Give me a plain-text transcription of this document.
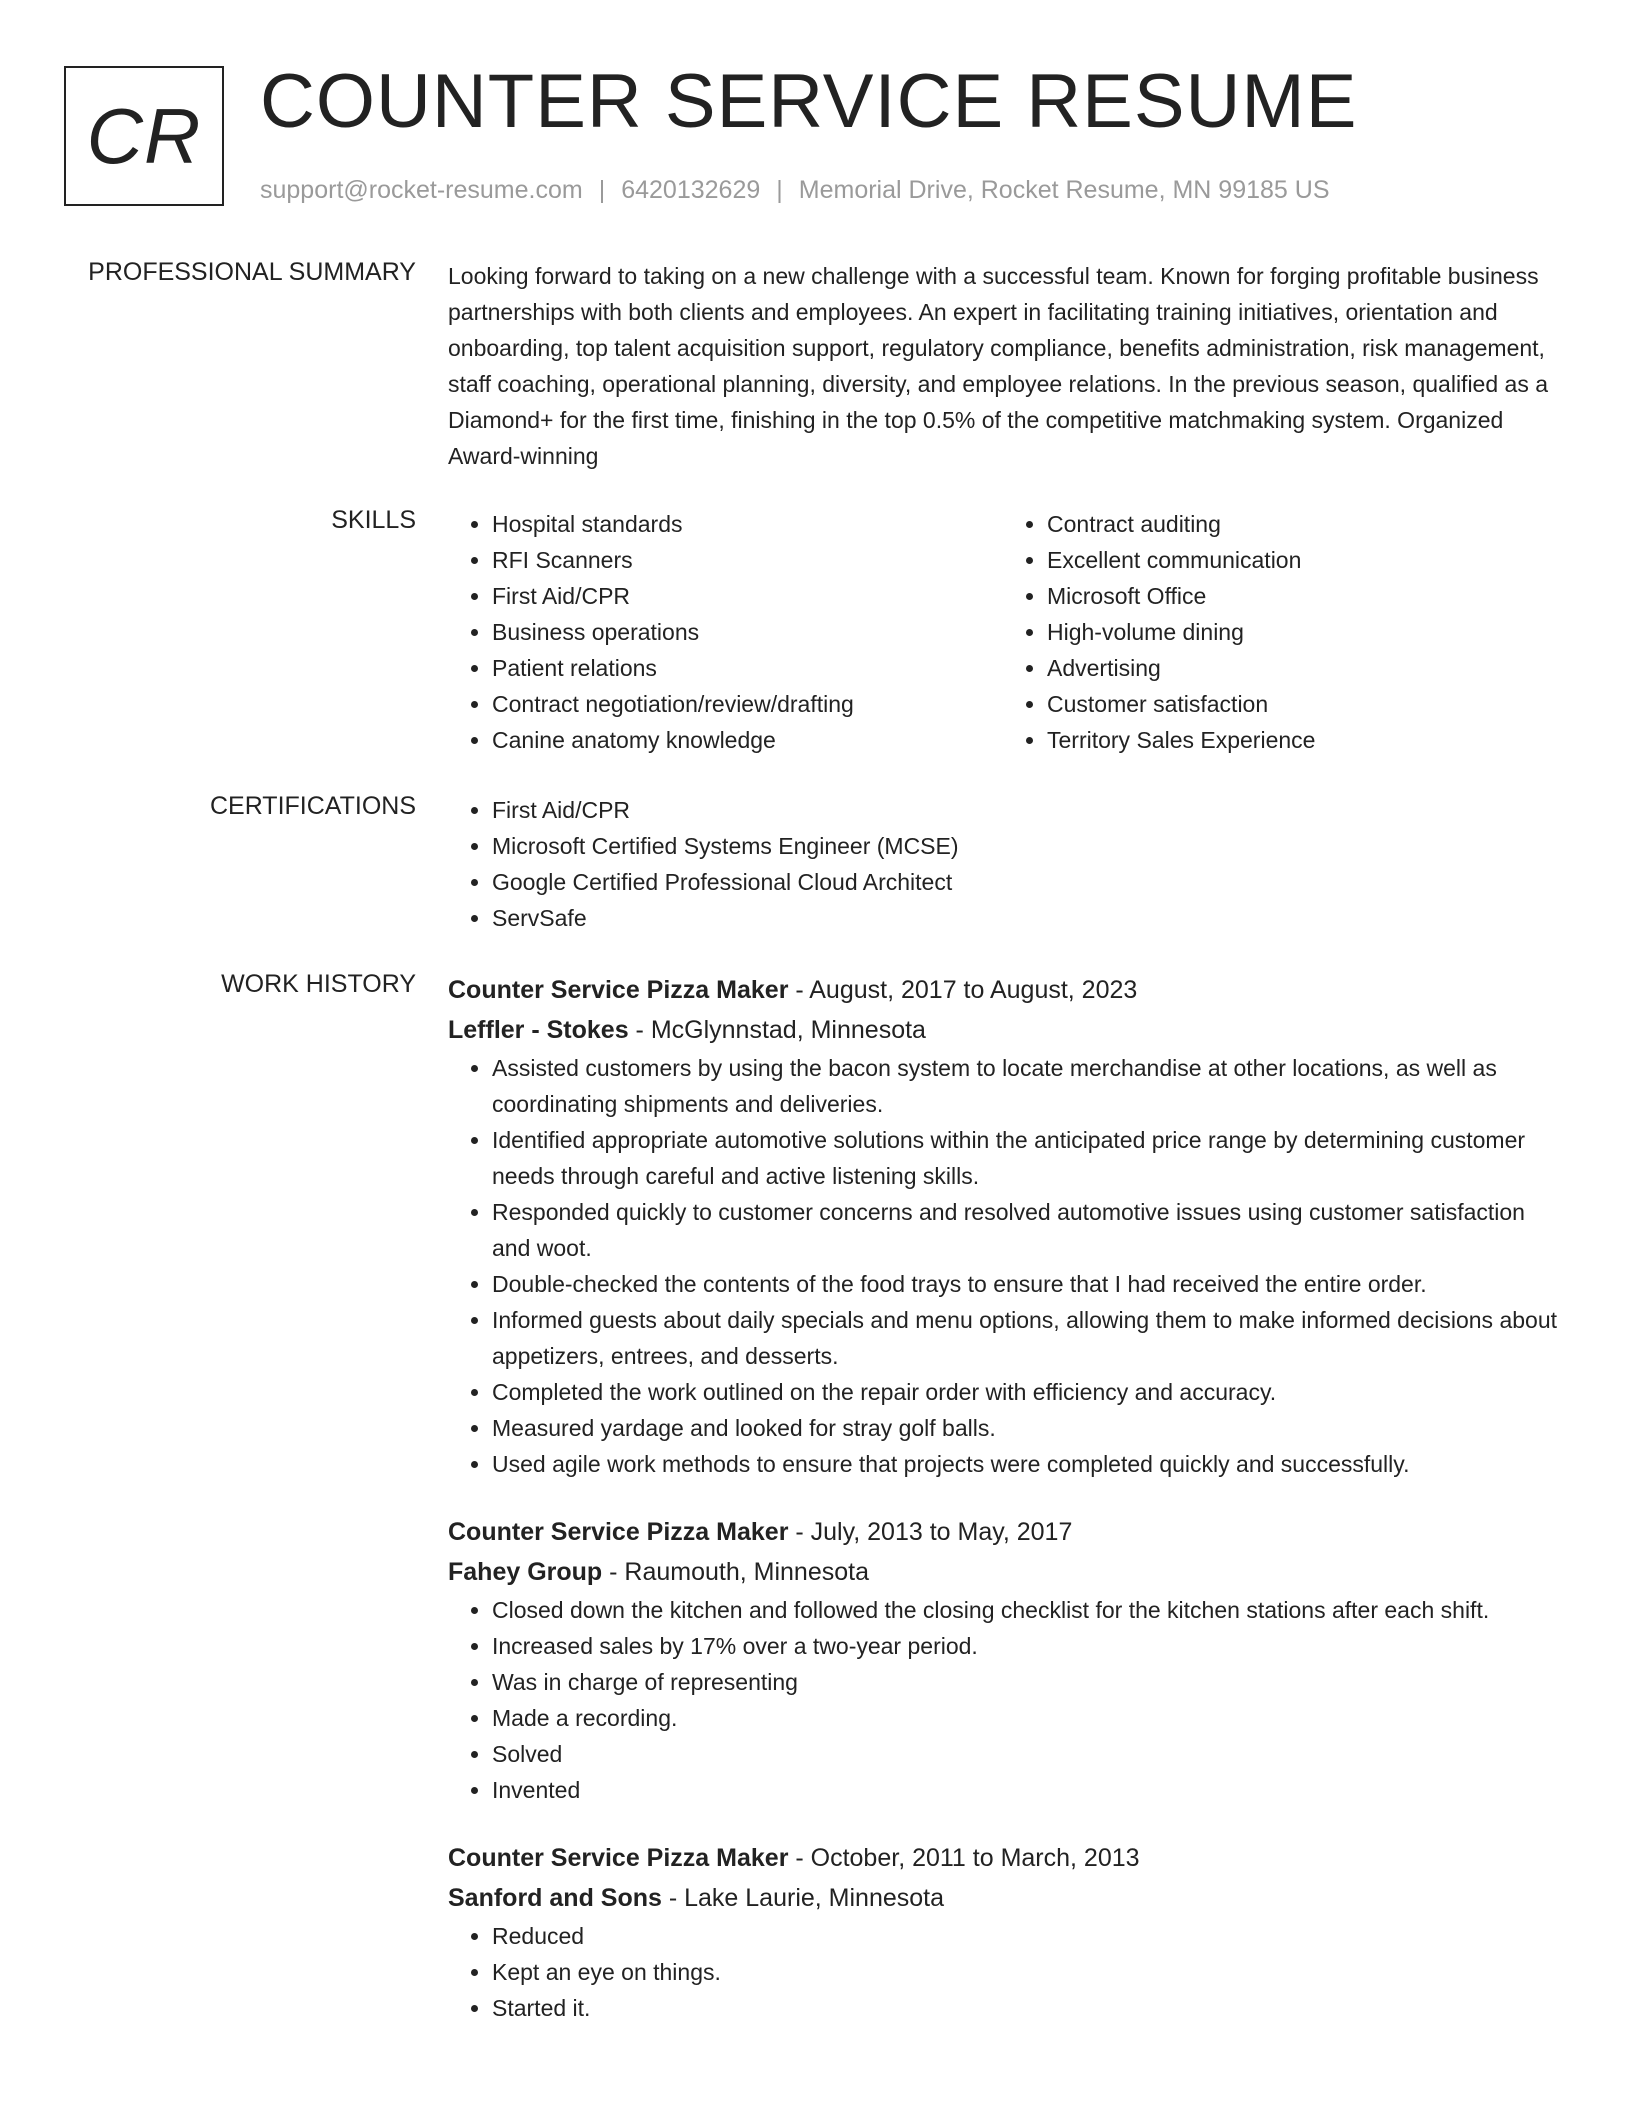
CR COUNTER SERVICE RESUME
support@rocket-resume.com | 6420132629 | Memorial Drive, Rocket Resume, MN 99185 US
PROFESSIONAL SUMMARY Looking forward to taking on a new challenge with a successful team. Known for forging profitable business partnerships with both clients and employees. An expert in facilitating training initiatives, orientation and onboarding, top talent acquisition support, regulatory compliance, benefits administration, risk management, staff coaching, operational planning, diversity, and employee relations. In the previous season, qualified as a Diamond+ for the first time, finishing in the top 0.5% of the competitive matchmaking system. Organized Award-winning

SKILLS	• Hospital standards
• RFI Scanners
• First Aid/CPR
• Business operations
• Patient relations
• Contract negotiation/review/drafting
• Canine anatomy knowledge
• Contract auditing
• Excellent communication
• Microsoft Office
• High-volume dining
• Advertising
• Customer satisfaction
• Territory Sales Experience
CERTIFICATIONS	• First Aid/CPR
• Microsoft Certified Systems Engineer (MCSE)
• Google Certified Professional Cloud Architect
• ServSafe
WORK HISTORY Counter Service Pizza Maker - August, 2017 to August, 2023
Leffler - Stokes - McGlynnstad, Minnesota
• Assisted customers by using the bacon system to locate merchandise at other locations, as well as coordinating shipments and deliveries.
• Identified appropriate automotive solutions within the anticipated price range by determining customer needs through careful and active listening skills.
• Responded quickly to customer concerns and resolved automotive issues using customer satisfaction and woot.
• Double-checked the contents of the food trays to ensure that I had received the entire order.
• Informed guests about daily specials and menu options, allowing them to make informed decisions about appetizers, entrees, and desserts.
• Completed the work outlined on the repair order with efficiency and accuracy.
• Measured yardage and looked for stray golf balls.
• Used agile work methods to ensure that projects were completed quickly and successfully.
Counter Service Pizza Maker - July, 2013 to May, 2017
Fahey Group - Raumouth, Minnesota
• Closed down the kitchen and followed the closing checklist for the kitchen stations after each shift.
• Increased sales by 17% over a two-year period.
• Was in charge of representing
• Made a recording.
• Solved
• Invented
Counter Service Pizza Maker - October, 2011 to March, 2013
Sanford and Sons - Lake Laurie, Minnesota
• Reduced
• Kept an eye on things.
• Started it.
